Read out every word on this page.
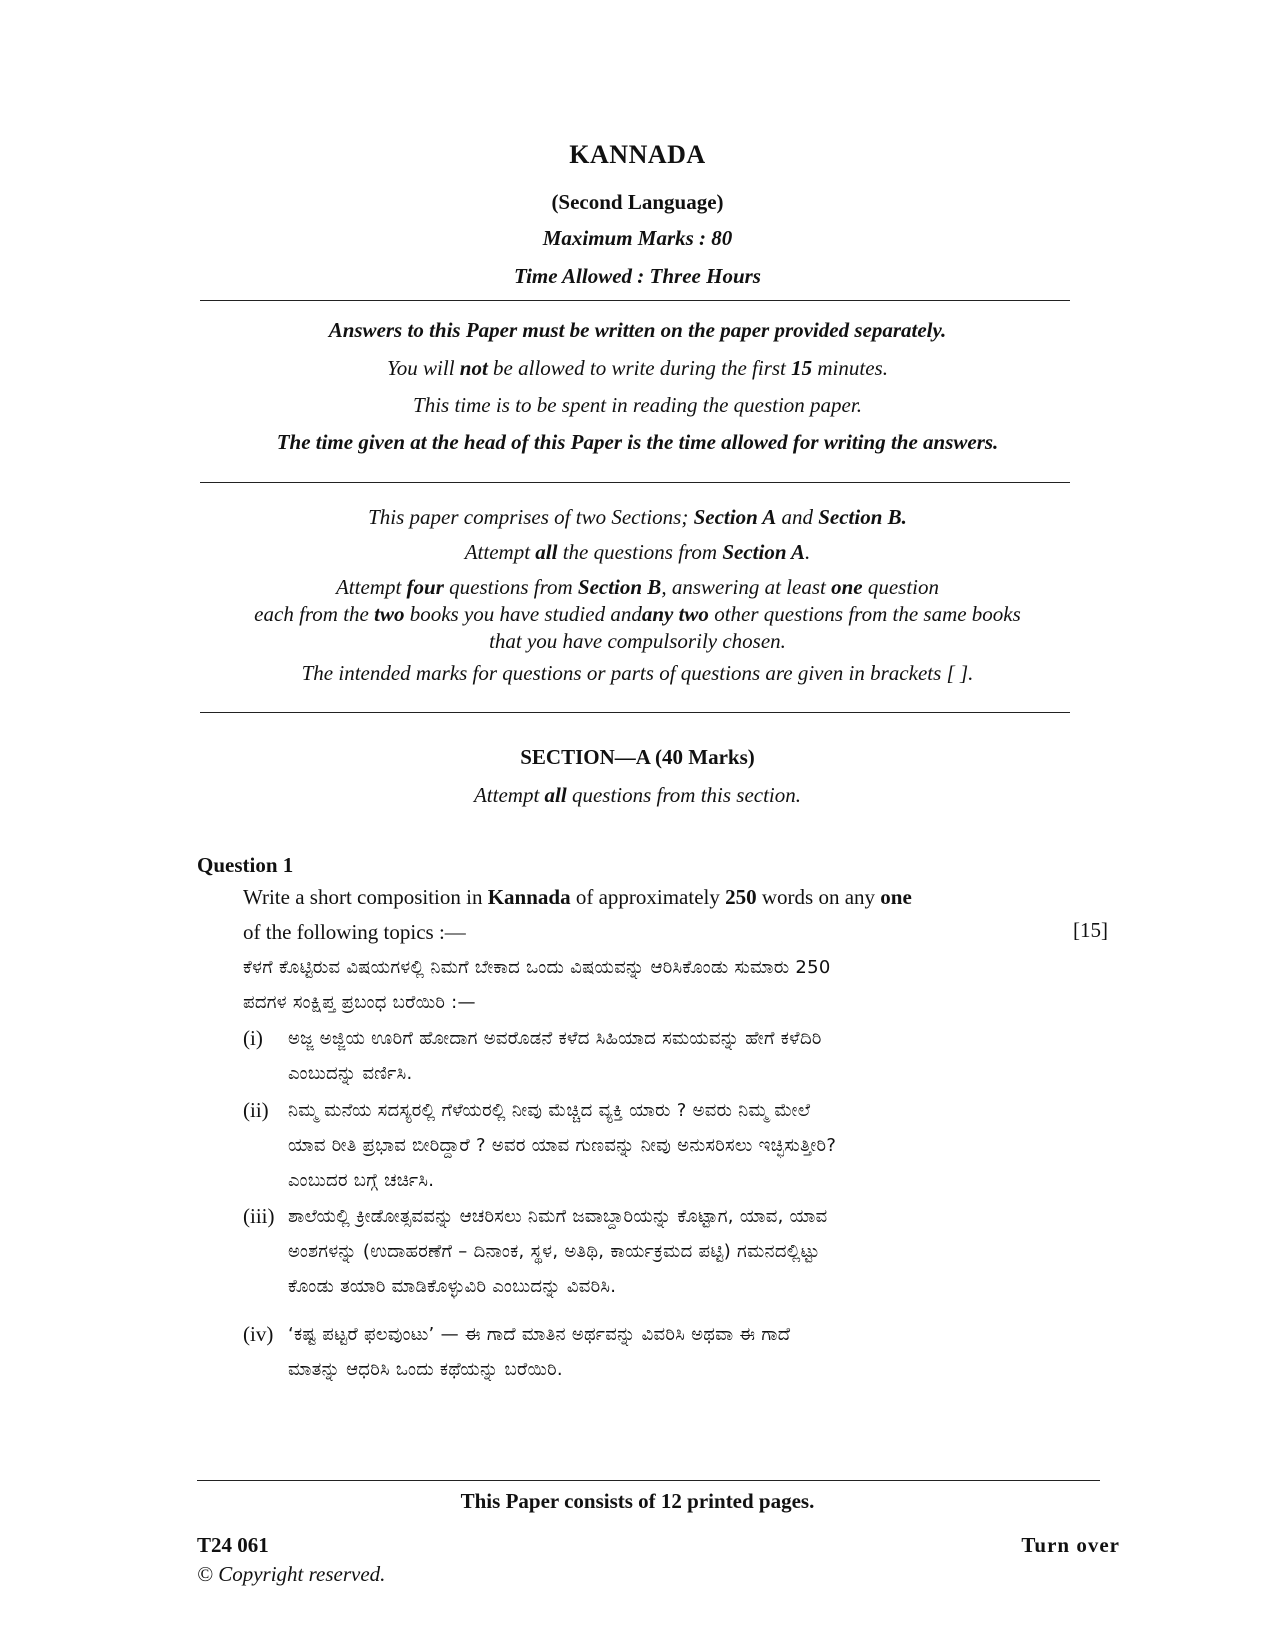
KANNADA
(Second Language)
Maximum Marks : 80
Time Allowed : Three Hours
Answers to this Paper must be written on the paper provided separately.
You will not be allowed to write during the first 15 minutes.
This time is to be spent in reading the question paper.
The time given at the head of this Paper is the time allowed for writing the answers.
This paper comprises of two Sections; Section A and Section B.
Attempt all the questions from Section A.
Attempt four questions from Section B, answering at least one question
each from the two books you have studied andany two other questions from the same books
that you have compulsorily chosen.
The intended marks for questions or parts of questions are given in brackets [ ].
SECTION—A (40 Marks)
Attempt all questions from this section.
Question 1
Write a short composition in Kannada of approximately 250 words on any one
of the following topics :—	[15]
ಕೆಳಗೆ ಕೊಟ್ಟಿರುವ ವಿಷಯಗಳಲ್ಲಿ ನಿಮಗೆ ಬೇಕಾದ ಒಂದು ವಿಷಯವನ್ನು ಆರಿಸಿಕೊಂಡು ಸುಮಾರು 250
ಪದಗಳ ಸಂಕ್ಷಿಪ್ತ ಪ್ರಬಂಧ ಬರೆಯಿರಿ :—
(i) ಅಜ್ಜ ಅಜ್ಜಿಯ ಊರಿಗೆ ಹೋದಾಗ ಅವರೊಡನೆ ಕಳೆದ ಸಿಹಿಯಾದ ಸಮಯವನ್ನು ಹೇಗೆ ಕಳೆದಿರಿ
ಎಂಬುದನ್ನು ವರ್ಣಿಸಿ.
(ii) ನಿಮ್ಮ ಮನೆಯ ಸದಸ್ಯರಲ್ಲಿ ಗೆಳೆಯರಲ್ಲಿ ನೀವು ಮೆಚ್ಚಿದ ವ್ಯಕ್ತಿ ಯಾರು ? ಅವರು ನಿಮ್ಮ ಮೇಲೆ
ಯಾವ ರೀತಿ ಪ್ರಭಾವ ಬೀರಿದ್ದಾರೆ ? ಅವರ ಯಾವ ಗುಣವನ್ನು ನೀವು ಅನುಸರಿಸಲು ಇಚ್ಛಿಸುತ್ತೀರಿ?
ಎಂಬುದರ ಬಗ್ಗೆ ಚರ್ಚಿಸಿ.
(iii) ಶಾಲೆಯಲ್ಲಿ ಕ್ರೀಡೋತ್ಸವವನ್ನು ಆಚರಿಸಲು ನಿಮಗೆ ಜವಾಬ್ದಾರಿಯನ್ನು ಕೊಟ್ಟಾಗ, ಯಾವ, ಯಾವ
ಅಂಶಗಳನ್ನು (ಉದಾಹರಣೆಗೆ – ದಿನಾಂಕ, ಸ್ಥಳ, ಅತಿಥಿ, ಕಾರ್ಯಕ್ರಮದ ಪಟ್ಟಿ) ಗಮನದಲ್ಲಿಟ್ಟು
ಕೊಂಡು ತಯಾರಿ ಮಾಡಿಕೊಳ್ಳುವಿರಿ ಎಂಬುದನ್ನು ವಿವರಿಸಿ.
(iv) ‘ಕಷ್ಟ ಪಟ್ಟರೆ ಫಲವುಂಟು’ — ಈ ಗಾದೆ ಮಾತಿನ ಅರ್ಥವನ್ನು ವಿವರಿಸಿ ಅಥವಾ ಈ ಗಾದೆ
ಮಾತನ್ನು ಆಧರಿಸಿ ಒಂದು ಕಥೆಯನ್ನು ಬರೆಯಿರಿ.
This Paper consists of 12 printed pages.
T24 061
© Copyright reserved.
Turn over
